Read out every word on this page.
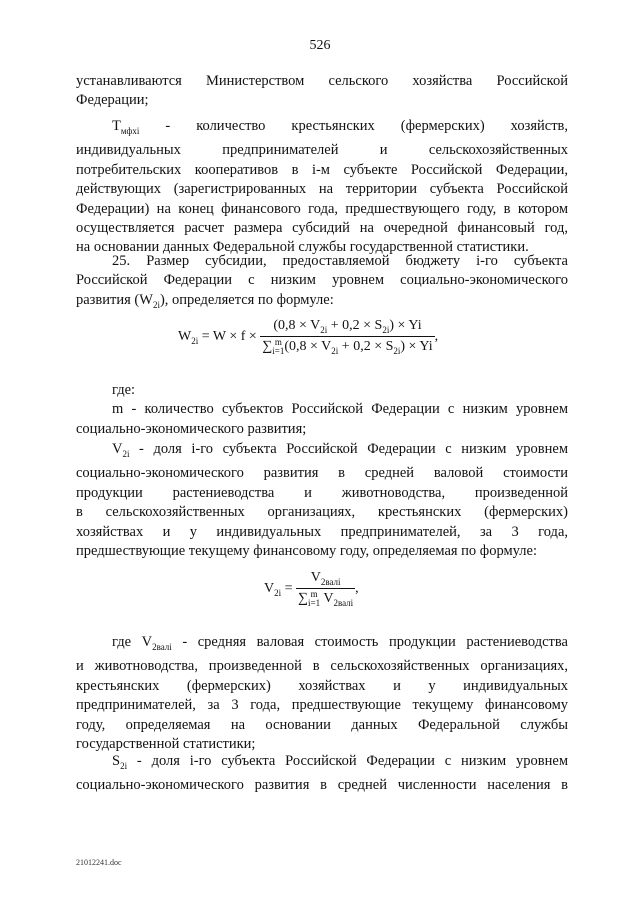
526
устанавливаются Министерством сельского хозяйства Российской
Федерации;
$T_{мфхi}$ - количество крестьянских (фермерских) хозяйств,
индивидуальных предпринимателей и сельскохозяйственных
потребительских кооперативов в i-м субъекте Российской Федерации,
действующих (зарегистрированных на территории субъекта Российской
Федерации) на конец финансового года, предшествующего году, в котором
осуществляется расчет размера субсидий на очередной финансовый год,
на основании данных Федеральной службы государственной статистики.
25. Размер субсидии, предоставляемой бюджету i-го субъекта
Российской Федерации с низким уровнем социально-экономического
развития $(W_{2i})$, определяется по формуле:
$W_{2i} = W \times f \times (0,8 \times V_{2i} + 0,2 \times S_{2i}) \times Yi$
∑ m
i=1 $(0,8 \times V_{2i} + 0,2 \times S_{2i}) \times Yi$ ,
где:
m - количество субъектов Российской Федерации с низким уровнем
социально-экономического развития;
$V_{2i}$ - доля i-го субъекта Российской Федерации с низким уровнем
социально-экономического развития в средней валовой стоимости
продукции растениеводства и животноводства, произведенной
в сельскохозяйственных организациях, крестьянских (фермерских)
хозяйствах и у индивидуальных предпринимателей, за 3 года,
предшествующие текущему финансовому году, определяемая по формуле:
$V_{2i} = V_{2валi}$
∑ m
i=1 $V_{2валi}$ ,
где $V_{2валi}$ - средняя валовая стоимость продукции растениеводства
и животноводства, произведенной в сельскохозяйственных организациях,
крестьянских (фермерских) хозяйствах и у индивидуальных
предпринимателей, за 3 года, предшествующие текущему финансовому
году, определяемая на основании данных Федеральной службы
государственной статистики;
$S_{2i}$ - доля i-го субъекта Российской Федерации с низким уровнем
социально-экономического развития в средней численности населения в
21012241.doc
